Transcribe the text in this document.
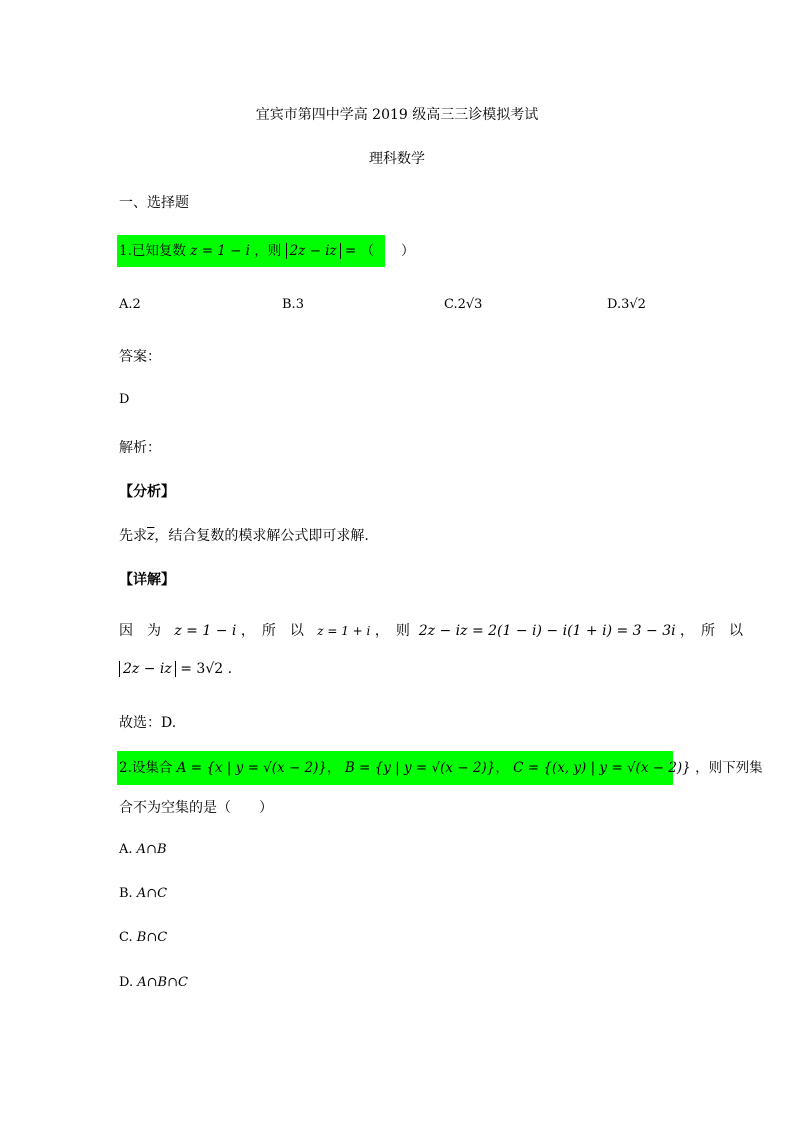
宜宾市第四中学高 2019 级高三三诊模拟考试
理科数学
一、选择题
1.已知复数 z = 1 − i ，则 2z − iz = （　　）
A.2	B.3	C.2√3	D.3√2
答案：
D
解析：
【分析】
先求$\overline{z}$，结合复数的模求解公式即可求解.
【详解】
因　为 z = 1 − i ，　所　以 z = 1 + i ，　则 2z − iz = 2(1 − i) − i(1 + i) = 3 − 3i ，　所　以
2z − iz = 3√2 .
故选：D.
2.设集合 A = {x | y = √(x − 2)}， B = {y | y = √(x − 2)}， C = {(x, y) | y = √(x − 2)} ，则下列集
合不为空集的是（　　）
A. A∩B
B. A∩C
C. B∩C
D. A∩B∩C
